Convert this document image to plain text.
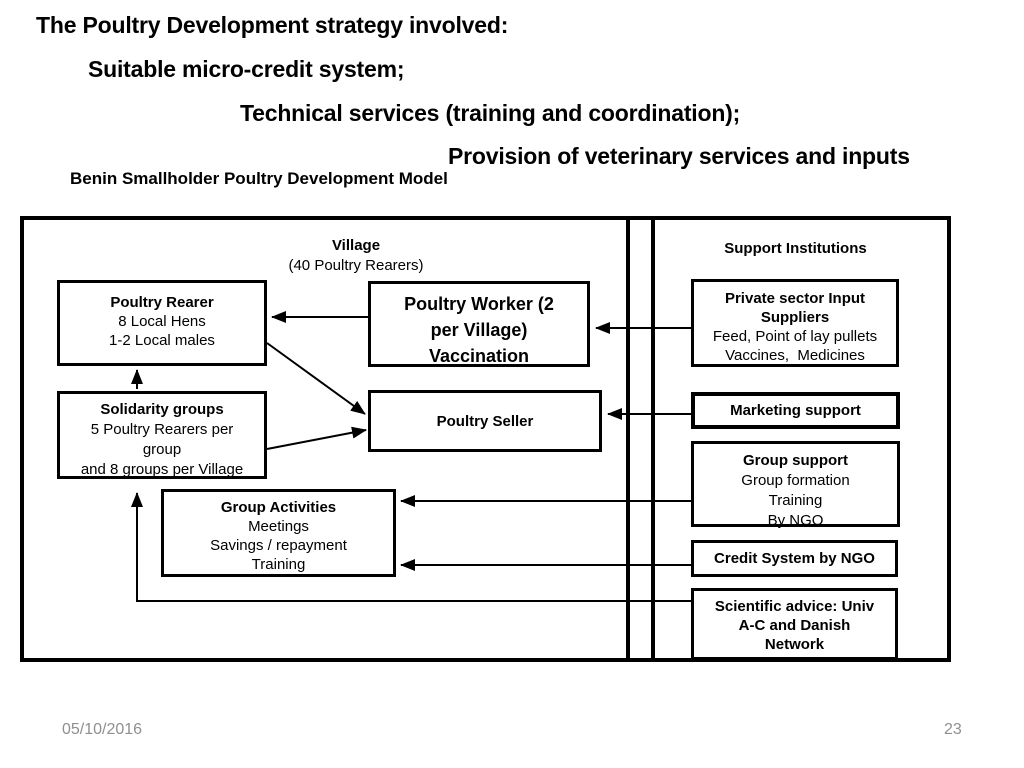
The Poultry Development strategy involved:
Suitable micro-credit system;
Technical services (training and coordination);
Provision of veterinary services and inputs
Benin Smallholder Poultry Development Model
Village
(40 Poultry Rearers)
Support Institutions
Poultry Rearer
8 Local Hens
1-2 Local males
Poultry Worker (2
per Village)
Vaccination
Solidarity groups
5 Poultry Rearers per
group
and 8 groups per Village
Poultry Seller
Group Activities
Meetings
Savings / repayment
Training
Private sector Input
Suppliers
Feed, Point of lay pullets
Vaccines,  Medicines
Marketing support
Group support
Group formation
Training
By NGO
Credit System by NGO
Scientific advice: Univ
A-C and Danish
Network
05/10/2016	23
